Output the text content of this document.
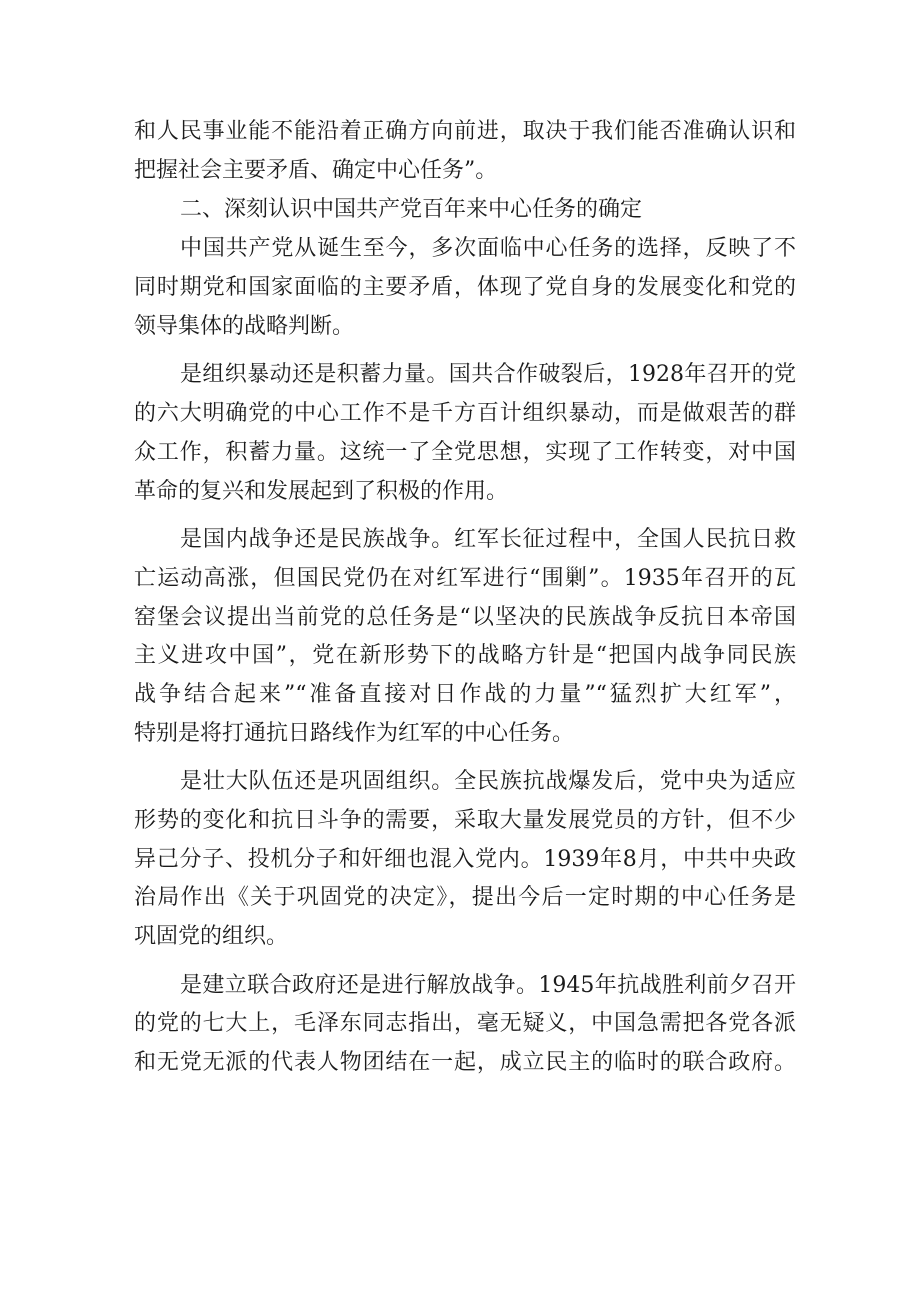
和人民事业能不能沿着正确方向前进，取决于我们能否准确认识和
把握社会主要矛盾、确定中心任务”。
二、深刻认识中国共产党百年来中心任务的确定
中国共产党从诞生至今，多次面临中心任务的选择，反映了不
同时期党和国家面临的主要矛盾，体现了党自身的发展变化和党的
领导集体的战略判断。
是组织暴动还是积蓄力量。国共合作破裂后，1928年召开的党
的六大明确党的中心工作不是千方百计组织暴动，而是做艰苦的群
众工作，积蓄力量。这统一了全党思想，实现了工作转变，对中国
革命的复兴和发展起到了积极的作用。
是国内战争还是民族战争。红军长征过程中，全国人民抗日救
亡运动高涨，但国民党仍在对红军进行“围剿”。1935年召开的瓦
窑堡会议提出当前党的总任务是“以坚决的民族战争反抗日本帝国
主义进攻中国”，党在新形势下的战略方针是“把国内战争同民族
战争结合起来”“准备直接对日作战的力量”“猛烈扩大红军”，
特别是将打通抗日路线作为红军的中心任务。
是壮大队伍还是巩固组织。全民族抗战爆发后，党中央为适应
形势的变化和抗日斗争的需要，采取大量发展党员的方针，但不少
异己分子、投机分子和奸细也混入党内。1939年8月，中共中央政
治局作出《关于巩固党的决定》，提出今后一定时期的中心任务是
巩固党的组织。
是建立联合政府还是进行解放战争。1945年抗战胜利前夕召开
的党的七大上，毛泽东同志指出，毫无疑义，中国急需把各党各派
和无党无派的代表人物团结在一起，成立民主的临时的联合政府。
